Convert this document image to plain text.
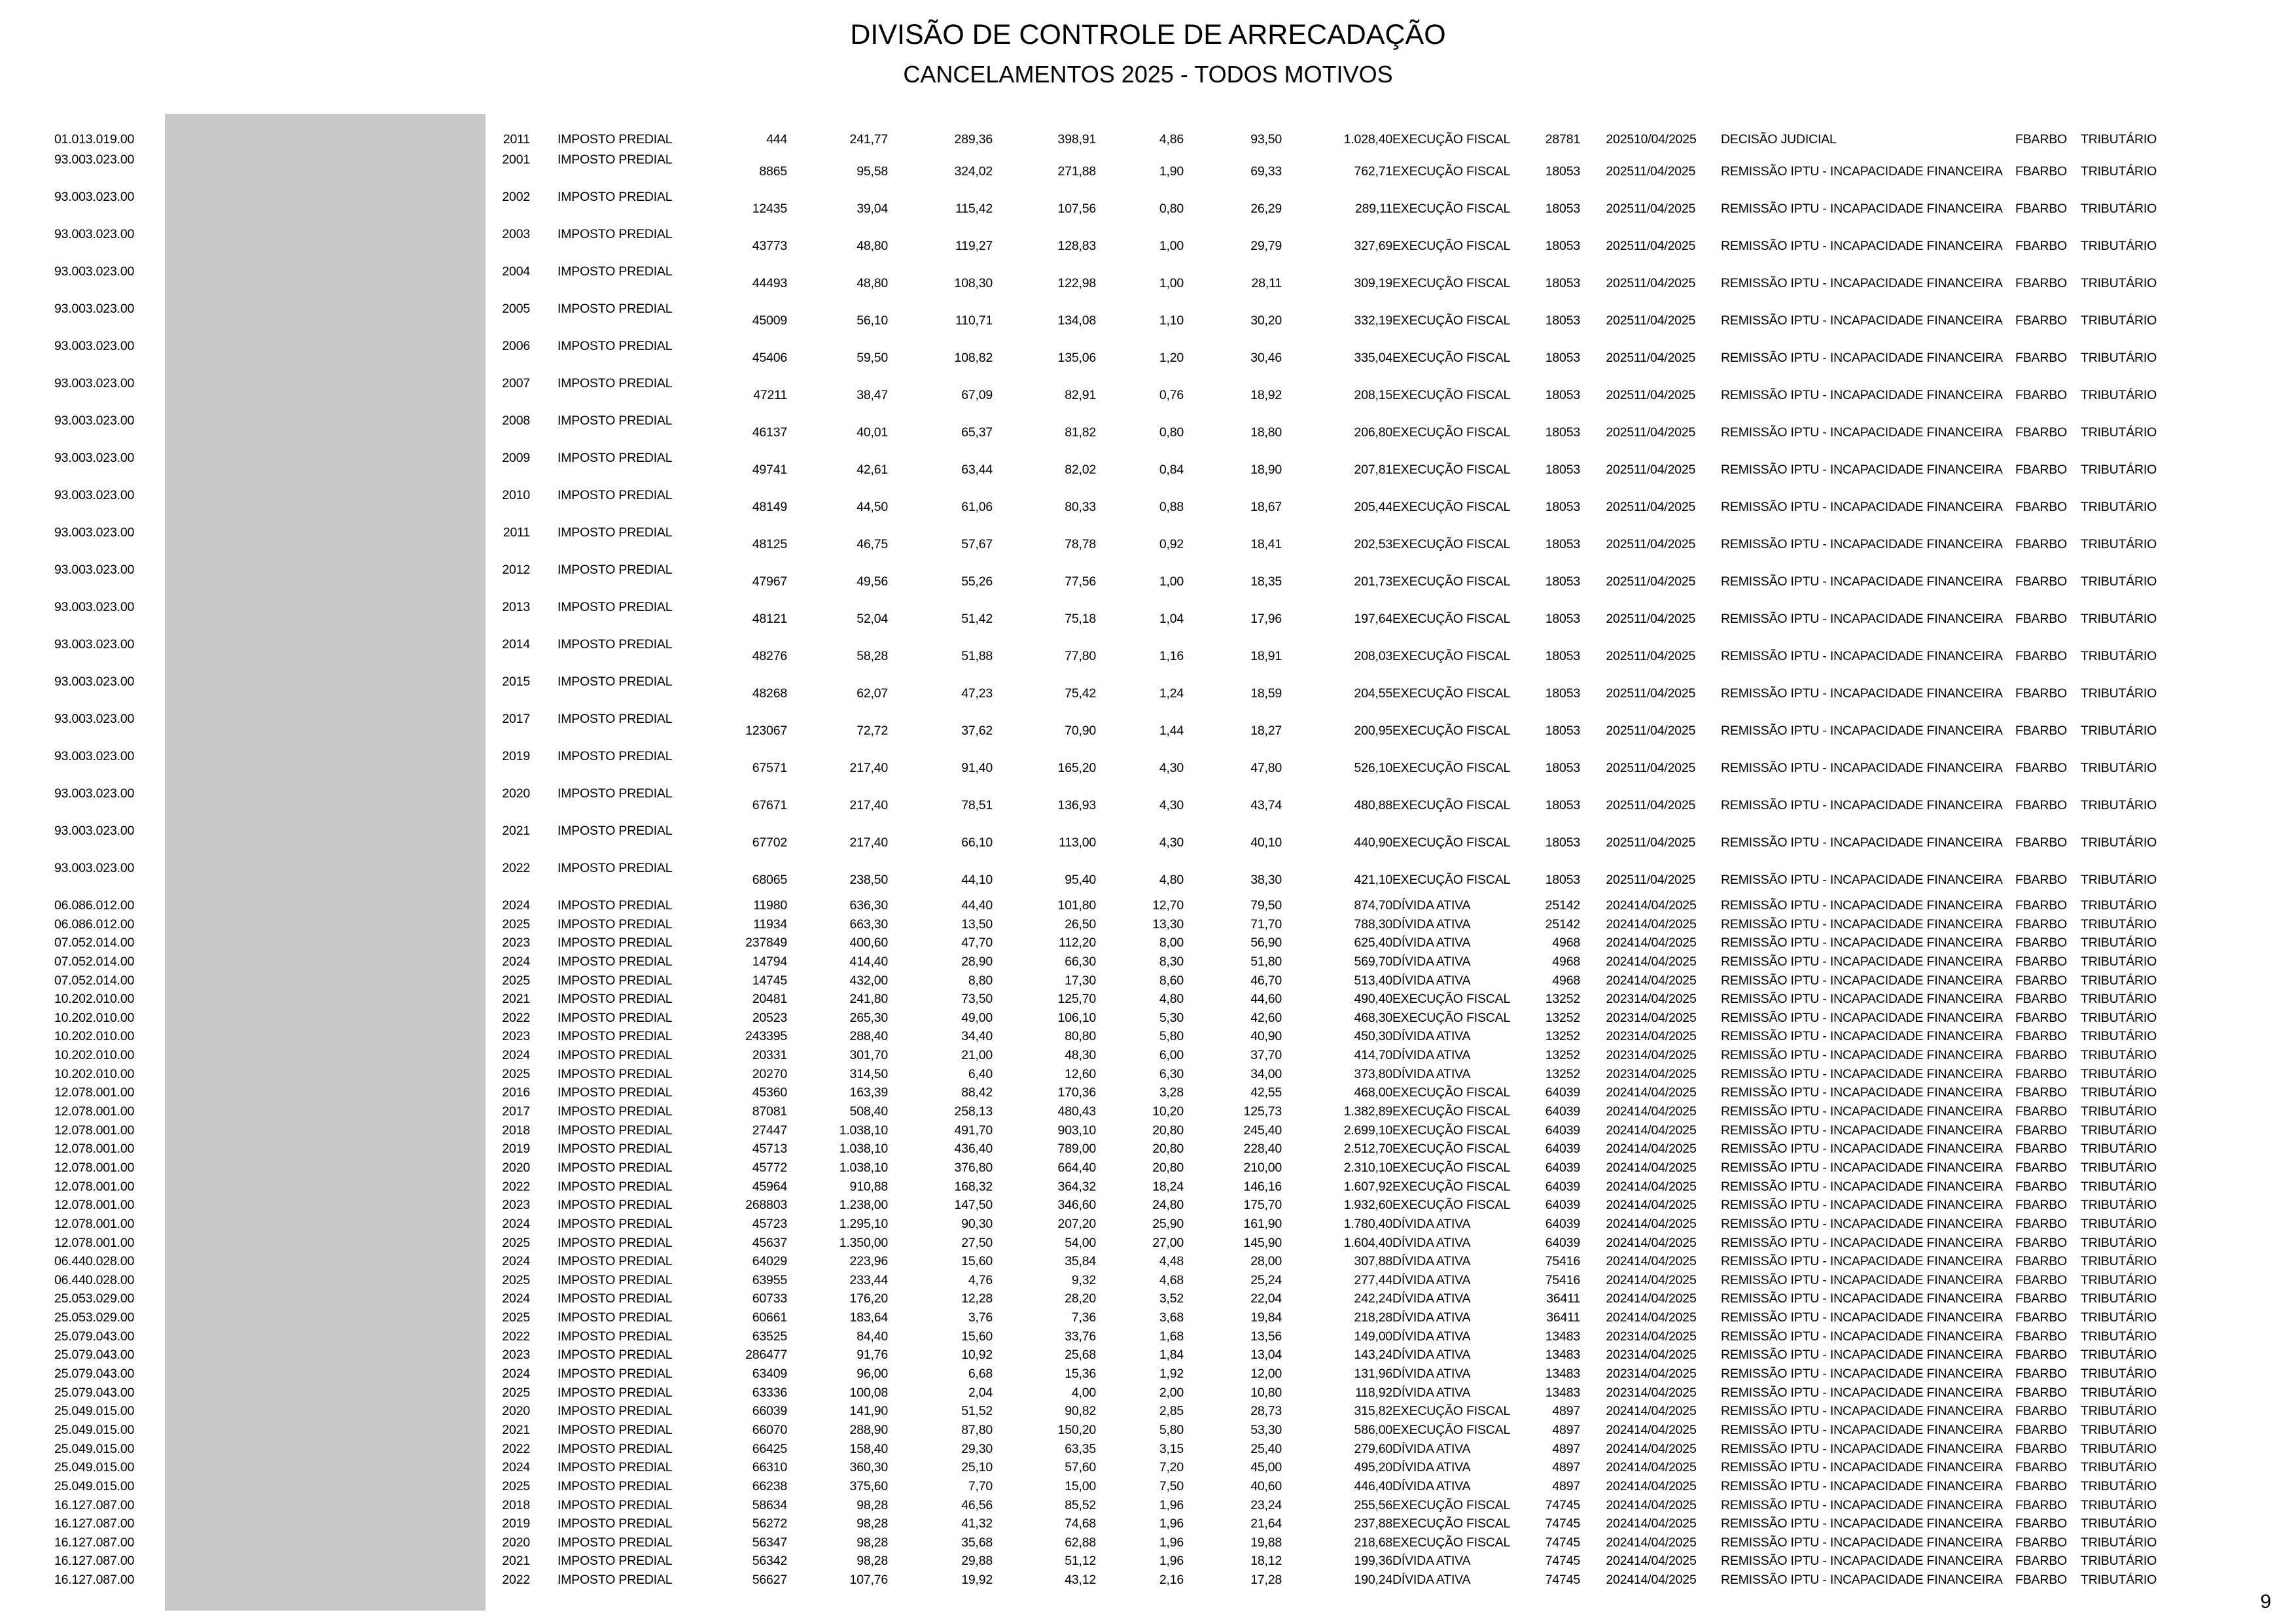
DIVISÃO DE CONTROLE DE ARRECADAÇÃO
CANCELAMENTOS 2025 - TODOS MOTIVOS
	01.013.019.00				2011		IMPOSTO PREDIAL	444	241,77	289,36	398,91	4,86	93,50	1.028,40	EXECUÇÃO FISCAL	28781	2025	10/04/2025	DECISÃO JUDICIAL	FBARBO	TRIBUTÁRIO
	93.003.023.00				2001		IMPOSTO PREDIAL	8865	95,58	324,02	271,88	1,90	69,33	762,71	EXECUÇÃO FISCAL	18053	2025	11/04/2025	REMISSÃO IPTU - INCAPACIDADE FINANCEIRA	FBARBO	TRIBUTÁRIO
	93.003.023.00				2002		IMPOSTO PREDIAL	12435	39,04	115,42	107,56	0,80	26,29	289,11	EXECUÇÃO FISCAL	18053	2025	11/04/2025	REMISSÃO IPTU - INCAPACIDADE FINANCEIRA	FBARBO	TRIBUTÁRIO
	93.003.023.00				2003		IMPOSTO PREDIAL	43773	48,80	119,27	128,83	1,00	29,79	327,69	EXECUÇÃO FISCAL	18053	2025	11/04/2025	REMISSÃO IPTU - INCAPACIDADE FINANCEIRA	FBARBO	TRIBUTÁRIO
	93.003.023.00				2004		IMPOSTO PREDIAL	44493	48,80	108,30	122,98	1,00	28,11	309,19	EXECUÇÃO FISCAL	18053	2025	11/04/2025	REMISSÃO IPTU - INCAPACIDADE FINANCEIRA	FBARBO	TRIBUTÁRIO
	93.003.023.00				2005		IMPOSTO PREDIAL	45009	56,10	110,71	134,08	1,10	30,20	332,19	EXECUÇÃO FISCAL	18053	2025	11/04/2025	REMISSÃO IPTU - INCAPACIDADE FINANCEIRA	FBARBO	TRIBUTÁRIO
	93.003.023.00				2006		IMPOSTO PREDIAL	45406	59,50	108,82	135,06	1,20	30,46	335,04	EXECUÇÃO FISCAL	18053	2025	11/04/2025	REMISSÃO IPTU - INCAPACIDADE FINANCEIRA	FBARBO	TRIBUTÁRIO
	93.003.023.00				2007		IMPOSTO PREDIAL	47211	38,47	67,09	82,91	0,76	18,92	208,15	EXECUÇÃO FISCAL	18053	2025	11/04/2025	REMISSÃO IPTU - INCAPACIDADE FINANCEIRA	FBARBO	TRIBUTÁRIO
	93.003.023.00				2008		IMPOSTO PREDIAL	46137	40,01	65,37	81,82	0,80	18,80	206,80	EXECUÇÃO FISCAL	18053	2025	11/04/2025	REMISSÃO IPTU - INCAPACIDADE FINANCEIRA	FBARBO	TRIBUTÁRIO
	93.003.023.00				2009		IMPOSTO PREDIAL	49741	42,61	63,44	82,02	0,84	18,90	207,81	EXECUÇÃO FISCAL	18053	2025	11/04/2025	REMISSÃO IPTU - INCAPACIDADE FINANCEIRA	FBARBO	TRIBUTÁRIO
	93.003.023.00				2010		IMPOSTO PREDIAL	48149	44,50	61,06	80,33	0,88	18,67	205,44	EXECUÇÃO FISCAL	18053	2025	11/04/2025	REMISSÃO IPTU - INCAPACIDADE FINANCEIRA	FBARBO	TRIBUTÁRIO
	93.003.023.00				2011		IMPOSTO PREDIAL	48125	46,75	57,67	78,78	0,92	18,41	202,53	EXECUÇÃO FISCAL	18053	2025	11/04/2025	REMISSÃO IPTU - INCAPACIDADE FINANCEIRA	FBARBO	TRIBUTÁRIO
	93.003.023.00				2012		IMPOSTO PREDIAL	47967	49,56	55,26	77,56	1,00	18,35	201,73	EXECUÇÃO FISCAL	18053	2025	11/04/2025	REMISSÃO IPTU - INCAPACIDADE FINANCEIRA	FBARBO	TRIBUTÁRIO
	93.003.023.00				2013		IMPOSTO PREDIAL	48121	52,04	51,42	75,18	1,04	17,96	197,64	EXECUÇÃO FISCAL	18053	2025	11/04/2025	REMISSÃO IPTU - INCAPACIDADE FINANCEIRA	FBARBO	TRIBUTÁRIO
	93.003.023.00				2014		IMPOSTO PREDIAL	48276	58,28	51,88	77,80	1,16	18,91	208,03	EXECUÇÃO FISCAL	18053	2025	11/04/2025	REMISSÃO IPTU - INCAPACIDADE FINANCEIRA	FBARBO	TRIBUTÁRIO
	93.003.023.00				2015		IMPOSTO PREDIAL	48268	62,07	47,23	75,42	1,24	18,59	204,55	EXECUÇÃO FISCAL	18053	2025	11/04/2025	REMISSÃO IPTU - INCAPACIDADE FINANCEIRA	FBARBO	TRIBUTÁRIO
	93.003.023.00				2017		IMPOSTO PREDIAL	123067	72,72	37,62	70,90	1,44	18,27	200,95	EXECUÇÃO FISCAL	18053	2025	11/04/2025	REMISSÃO IPTU - INCAPACIDADE FINANCEIRA	FBARBO	TRIBUTÁRIO
	93.003.023.00				2019		IMPOSTO PREDIAL	67571	217,40	91,40	165,20	4,30	47,80	526,10	EXECUÇÃO FISCAL	18053	2025	11/04/2025	REMISSÃO IPTU - INCAPACIDADE FINANCEIRA	FBARBO	TRIBUTÁRIO
	93.003.023.00				2020		IMPOSTO PREDIAL	67671	217,40	78,51	136,93	4,30	43,74	480,88	EXECUÇÃO FISCAL	18053	2025	11/04/2025	REMISSÃO IPTU - INCAPACIDADE FINANCEIRA	FBARBO	TRIBUTÁRIO
	93.003.023.00				2021		IMPOSTO PREDIAL	67702	217,40	66,10	113,00	4,30	40,10	440,90	EXECUÇÃO FISCAL	18053	2025	11/04/2025	REMISSÃO IPTU - INCAPACIDADE FINANCEIRA	FBARBO	TRIBUTÁRIO
	93.003.023.00				2022		IMPOSTO PREDIAL	68065	238,50	44,10	95,40	4,80	38,30	421,10	EXECUÇÃO FISCAL	18053	2025	11/04/2025	REMISSÃO IPTU - INCAPACIDADE FINANCEIRA	FBARBO	TRIBUTÁRIO
	06.086.012.00				2024		IMPOSTO PREDIAL	11980	636,30	44,40	101,80	12,70	79,50	874,70	DÍVIDA ATIVA	25142	2024	14/04/2025	REMISSÃO IPTU - INCAPACIDADE FINANCEIRA	FBARBO	TRIBUTÁRIO
	06.086.012.00				2025		IMPOSTO PREDIAL	11934	663,30	13,50	26,50	13,30	71,70	788,30	DÍVIDA ATIVA	25142	2024	14/04/2025	REMISSÃO IPTU - INCAPACIDADE FINANCEIRA	FBARBO	TRIBUTÁRIO
	07.052.014.00				2023		IMPOSTO PREDIAL	237849	400,60	47,70	112,20	8,00	56,90	625,40	DÍVIDA ATIVA	4968	2024	14/04/2025	REMISSÃO IPTU - INCAPACIDADE FINANCEIRA	FBARBO	TRIBUTÁRIO
	07.052.014.00				2024		IMPOSTO PREDIAL	14794	414,40	28,90	66,30	8,30	51,80	569,70	DÍVIDA ATIVA	4968	2024	14/04/2025	REMISSÃO IPTU - INCAPACIDADE FINANCEIRA	FBARBO	TRIBUTÁRIO
	07.052.014.00				2025		IMPOSTO PREDIAL	14745	432,00	8,80	17,30	8,60	46,70	513,40	DÍVIDA ATIVA	4968	2024	14/04/2025	REMISSÃO IPTU - INCAPACIDADE FINANCEIRA	FBARBO	TRIBUTÁRIO
	10.202.010.00				2021		IMPOSTO PREDIAL	20481	241,80	73,50	125,70	4,80	44,60	490,40	EXECUÇÃO FISCAL	13252	2023	14/04/2025	REMISSÃO IPTU - INCAPACIDADE FINANCEIRA	FBARBO	TRIBUTÁRIO
	10.202.010.00				2022		IMPOSTO PREDIAL	20523	265,30	49,00	106,10	5,30	42,60	468,30	EXECUÇÃO FISCAL	13252	2023	14/04/2025	REMISSÃO IPTU - INCAPACIDADE FINANCEIRA	FBARBO	TRIBUTÁRIO
	10.202.010.00				2023		IMPOSTO PREDIAL	243395	288,40	34,40	80,80	5,80	40,90	450,30	DÍVIDA ATIVA	13252	2023	14/04/2025	REMISSÃO IPTU - INCAPACIDADE FINANCEIRA	FBARBO	TRIBUTÁRIO
	10.202.010.00				2024		IMPOSTO PREDIAL	20331	301,70	21,00	48,30	6,00	37,70	414,70	DÍVIDA ATIVA	13252	2023	14/04/2025	REMISSÃO IPTU - INCAPACIDADE FINANCEIRA	FBARBO	TRIBUTÁRIO
	10.202.010.00				2025		IMPOSTO PREDIAL	20270	314,50	6,40	12,60	6,30	34,00	373,80	DÍVIDA ATIVA	13252	2023	14/04/2025	REMISSÃO IPTU - INCAPACIDADE FINANCEIRA	FBARBO	TRIBUTÁRIO
	12.078.001.00				2016		IMPOSTO PREDIAL	45360	163,39	88,42	170,36	3,28	42,55	468,00	EXECUÇÃO FISCAL	64039	2024	14/04/2025	REMISSÃO IPTU - INCAPACIDADE FINANCEIRA	FBARBO	TRIBUTÁRIO
	12.078.001.00				2017		IMPOSTO PREDIAL	87081	508,40	258,13	480,43	10,20	125,73	1.382,89	EXECUÇÃO FISCAL	64039	2024	14/04/2025	REMISSÃO IPTU - INCAPACIDADE FINANCEIRA	FBARBO	TRIBUTÁRIO
	12.078.001.00				2018		IMPOSTO PREDIAL	27447	1.038,10	491,70	903,10	20,80	245,40	2.699,10	EXECUÇÃO FISCAL	64039	2024	14/04/2025	REMISSÃO IPTU - INCAPACIDADE FINANCEIRA	FBARBO	TRIBUTÁRIO
	12.078.001.00				2019		IMPOSTO PREDIAL	45713	1.038,10	436,40	789,00	20,80	228,40	2.512,70	EXECUÇÃO FISCAL	64039	2024	14/04/2025	REMISSÃO IPTU - INCAPACIDADE FINANCEIRA	FBARBO	TRIBUTÁRIO
	12.078.001.00				2020		IMPOSTO PREDIAL	45772	1.038,10	376,80	664,40	20,80	210,00	2.310,10	EXECUÇÃO FISCAL	64039	2024	14/04/2025	REMISSÃO IPTU - INCAPACIDADE FINANCEIRA	FBARBO	TRIBUTÁRIO
	12.078.001.00				2022		IMPOSTO PREDIAL	45964	910,88	168,32	364,32	18,24	146,16	1.607,92	EXECUÇÃO FISCAL	64039	2024	14/04/2025	REMISSÃO IPTU - INCAPACIDADE FINANCEIRA	FBARBO	TRIBUTÁRIO
	12.078.001.00				2023		IMPOSTO PREDIAL	268803	1.238,00	147,50	346,60	24,80	175,70	1.932,60	EXECUÇÃO FISCAL	64039	2024	14/04/2025	REMISSÃO IPTU - INCAPACIDADE FINANCEIRA	FBARBO	TRIBUTÁRIO
	12.078.001.00				2024		IMPOSTO PREDIAL	45723	1.295,10	90,30	207,20	25,90	161,90	1.780,40	DÍVIDA ATIVA	64039	2024	14/04/2025	REMISSÃO IPTU - INCAPACIDADE FINANCEIRA	FBARBO	TRIBUTÁRIO
	12.078.001.00				2025		IMPOSTO PREDIAL	45637	1.350,00	27,50	54,00	27,00	145,90	1.604,40	DÍVIDA ATIVA	64039	2024	14/04/2025	REMISSÃO IPTU - INCAPACIDADE FINANCEIRA	FBARBO	TRIBUTÁRIO
	06.440.028.00				2024		IMPOSTO PREDIAL	64029	223,96	15,60	35,84	4,48	28,00	307,88	DÍVIDA ATIVA	75416	2024	14/04/2025	REMISSÃO IPTU - INCAPACIDADE FINANCEIRA	FBARBO	TRIBUTÁRIO
	06.440.028.00				2025		IMPOSTO PREDIAL	63955	233,44	4,76	9,32	4,68	25,24	277,44	DÍVIDA ATIVA	75416	2024	14/04/2025	REMISSÃO IPTU - INCAPACIDADE FINANCEIRA	FBARBO	TRIBUTÁRIO
	25.053.029.00				2024		IMPOSTO PREDIAL	60733	176,20	12,28	28,20	3,52	22,04	242,24	DÍVIDA ATIVA	36411	2024	14/04/2025	REMISSÃO IPTU - INCAPACIDADE FINANCEIRA	FBARBO	TRIBUTÁRIO
	25.053.029.00				2025		IMPOSTO PREDIAL	60661	183,64	3,76	7,36	3,68	19,84	218,28	DÍVIDA ATIVA	36411	2024	14/04/2025	REMISSÃO IPTU - INCAPACIDADE FINANCEIRA	FBARBO	TRIBUTÁRIO
	25.079.043.00				2022		IMPOSTO PREDIAL	63525	84,40	15,60	33,76	1,68	13,56	149,00	DÍVIDA ATIVA	13483	2023	14/04/2025	REMISSÃO IPTU - INCAPACIDADE FINANCEIRA	FBARBO	TRIBUTÁRIO
	25.079.043.00				2023		IMPOSTO PREDIAL	286477	91,76	10,92	25,68	1,84	13,04	143,24	DÍVIDA ATIVA	13483	2023	14/04/2025	REMISSÃO IPTU - INCAPACIDADE FINANCEIRA	FBARBO	TRIBUTÁRIO
	25.079.043.00				2024		IMPOSTO PREDIAL	63409	96,00	6,68	15,36	1,92	12,00	131,96	DÍVIDA ATIVA	13483	2023	14/04/2025	REMISSÃO IPTU - INCAPACIDADE FINANCEIRA	FBARBO	TRIBUTÁRIO
	25.079.043.00				2025		IMPOSTO PREDIAL	63336	100,08	2,04	4,00	2,00	10,80	118,92	DÍVIDA ATIVA	13483	2023	14/04/2025	REMISSÃO IPTU - INCAPACIDADE FINANCEIRA	FBARBO	TRIBUTÁRIO
	25.049.015.00				2020		IMPOSTO PREDIAL	66039	141,90	51,52	90,82	2,85	28,73	315,82	EXECUÇÃO FISCAL	4897	2024	14/04/2025	REMISSÃO IPTU - INCAPACIDADE FINANCEIRA	FBARBO	TRIBUTÁRIO
	25.049.015.00				2021		IMPOSTO PREDIAL	66070	288,90	87,80	150,20	5,80	53,30	586,00	EXECUÇÃO FISCAL	4897	2024	14/04/2025	REMISSÃO IPTU - INCAPACIDADE FINANCEIRA	FBARBO	TRIBUTÁRIO
	25.049.015.00				2022		IMPOSTO PREDIAL	66425	158,40	29,30	63,35	3,15	25,40	279,60	DÍVIDA ATIVA	4897	2024	14/04/2025	REMISSÃO IPTU - INCAPACIDADE FINANCEIRA	FBARBO	TRIBUTÁRIO
	25.049.015.00				2024		IMPOSTO PREDIAL	66310	360,30	25,10	57,60	7,20	45,00	495,20	DÍVIDA ATIVA	4897	2024	14/04/2025	REMISSÃO IPTU - INCAPACIDADE FINANCEIRA	FBARBO	TRIBUTÁRIO
	25.049.015.00				2025		IMPOSTO PREDIAL	66238	375,60	7,70	15,00	7,50	40,60	446,40	DÍVIDA ATIVA	4897	2024	14/04/2025	REMISSÃO IPTU - INCAPACIDADE FINANCEIRA	FBARBO	TRIBUTÁRIO
	16.127.087.00				2018		IMPOSTO PREDIAL	58634	98,28	46,56	85,52	1,96	23,24	255,56	EXECUÇÃO FISCAL	74745	2024	14/04/2025	REMISSÃO IPTU - INCAPACIDADE FINANCEIRA	FBARBO	TRIBUTÁRIO
	16.127.087.00				2019		IMPOSTO PREDIAL	56272	98,28	41,32	74,68	1,96	21,64	237,88	EXECUÇÃO FISCAL	74745	2024	14/04/2025	REMISSÃO IPTU - INCAPACIDADE FINANCEIRA	FBARBO	TRIBUTÁRIO
	16.127.087.00				2020		IMPOSTO PREDIAL	56347	98,28	35,68	62,88	1,96	19,88	218,68	EXECUÇÃO FISCAL	74745	2024	14/04/2025	REMISSÃO IPTU - INCAPACIDADE FINANCEIRA	FBARBO	TRIBUTÁRIO
	16.127.087.00				2021		IMPOSTO PREDIAL	56342	98,28	29,88	51,12	1,96	18,12	199,36	DÍVIDA ATIVA	74745	2024	14/04/2025	REMISSÃO IPTU - INCAPACIDADE FINANCEIRA	FBARBO	TRIBUTÁRIO
	16.127.087.00				2022		IMPOSTO PREDIAL	56627	107,76	19,92	43,12	2,16	17,28	190,24	DÍVIDA ATIVA	74745	2024	14/04/2025	REMISSÃO IPTU - INCAPACIDADE FINANCEIRA	FBARBO	TRIBUTÁRIO
9
